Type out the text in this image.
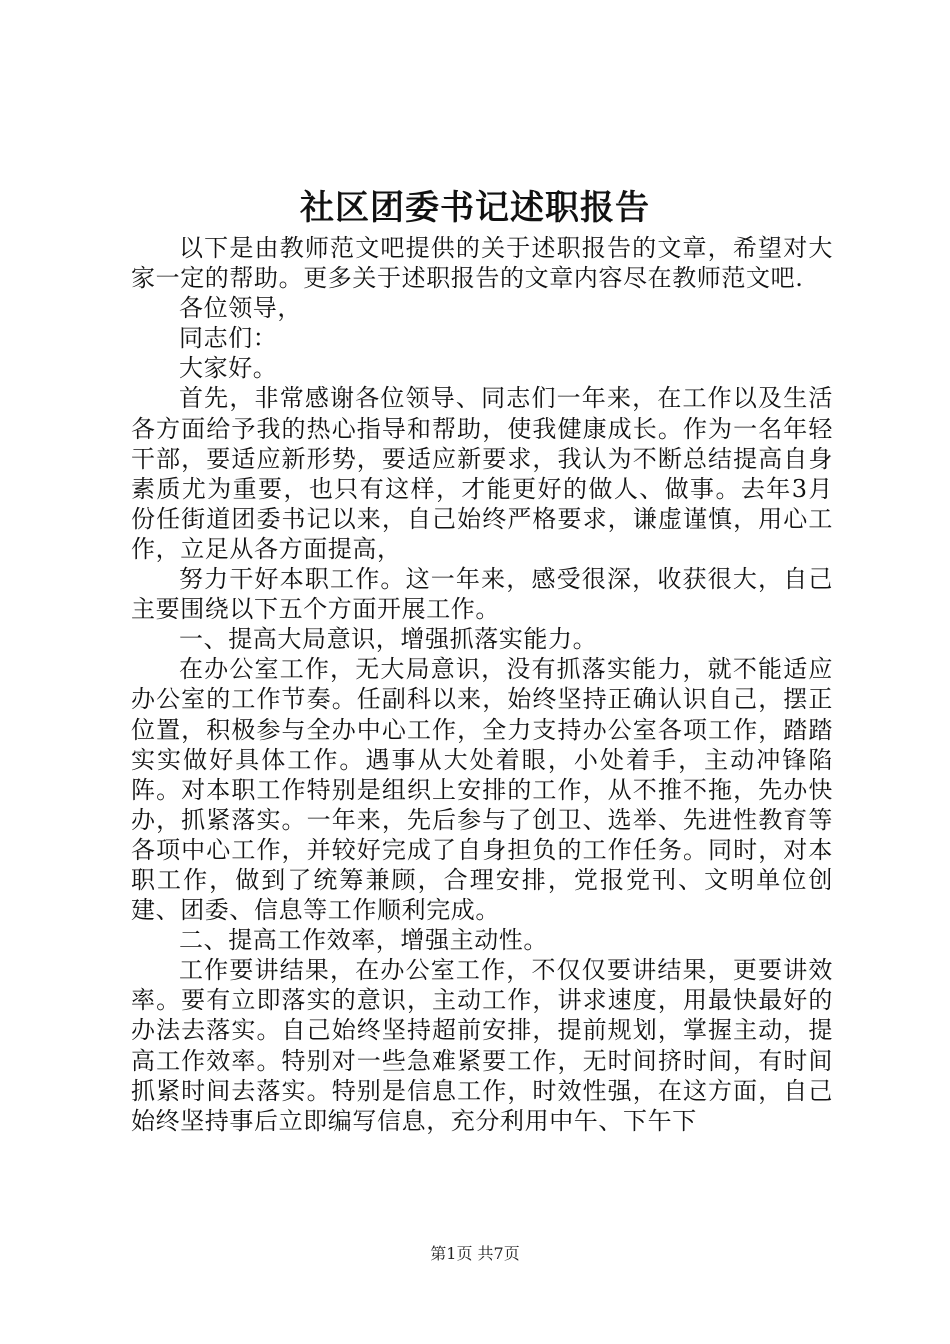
社区团委书记述职报告

以下是由教师范文吧提供的关于述职报告的文章，希望对大家一定的帮助。更多关于述职报告的文章内容尽在教师范文吧.

各位领导，

同志们：

大家好。

首先，非常感谢各位领导、同志们一年来，在工作以及生活各方面给予我的热心指导和帮助，使我健康成长。作为一名年轻干部，要适应新形势，要适应新要求，我认为不断总结提高自身素质尤为重要，也只有这样，才能更好的做人、做事。去年3月份任街道团委书记以来，自己始终严格要求，谦虚谨慎，用心工作，立足从各方面提高，

努力干好本职工作。这一年来，感受很深，收获很大，自己主要围绕以下五个方面开展工作。

一、提高大局意识，增强抓落实能力。

在办公室工作，无大局意识，没有抓落实能力，就不能适应办公室的工作节奏。任副科以来，始终坚持正确认识自己，摆正位置，积极参与全办中心工作，全力支持办公室各项工作，踏踏实实做好具体工作。遇事从大处着眼，小处着手，主动冲锋陷阵。对本职工作特别是组织上安排的工作，从不推不拖，先办快办，抓紧落实。一年来，先后参与了创卫、选举、先进性教育等各项中心工作，并较好完成了自身担负的工作任务。同时，对本职工作，做到了统筹兼顾，合理安排，党报党刊、文明单位创建、团委、信息等工作顺利完成。

二、提高工作效率，增强主动性。

工作要讲结果，在办公室工作，不仅仅要讲结果，更要讲效率。要有立即落实的意识，主动工作，讲求速度，用最快最好的办法去落实。自己始终坚持超前安排，提前规划，掌握主动，提高工作效率。特别对一些急难紧要工作，无时间挤时间，有时间抓紧时间去落实。特别是信息工作，时效性强，在这方面，自己始终坚持事后立即编写信息，充分利用中午、下午下

第1页 共7页
